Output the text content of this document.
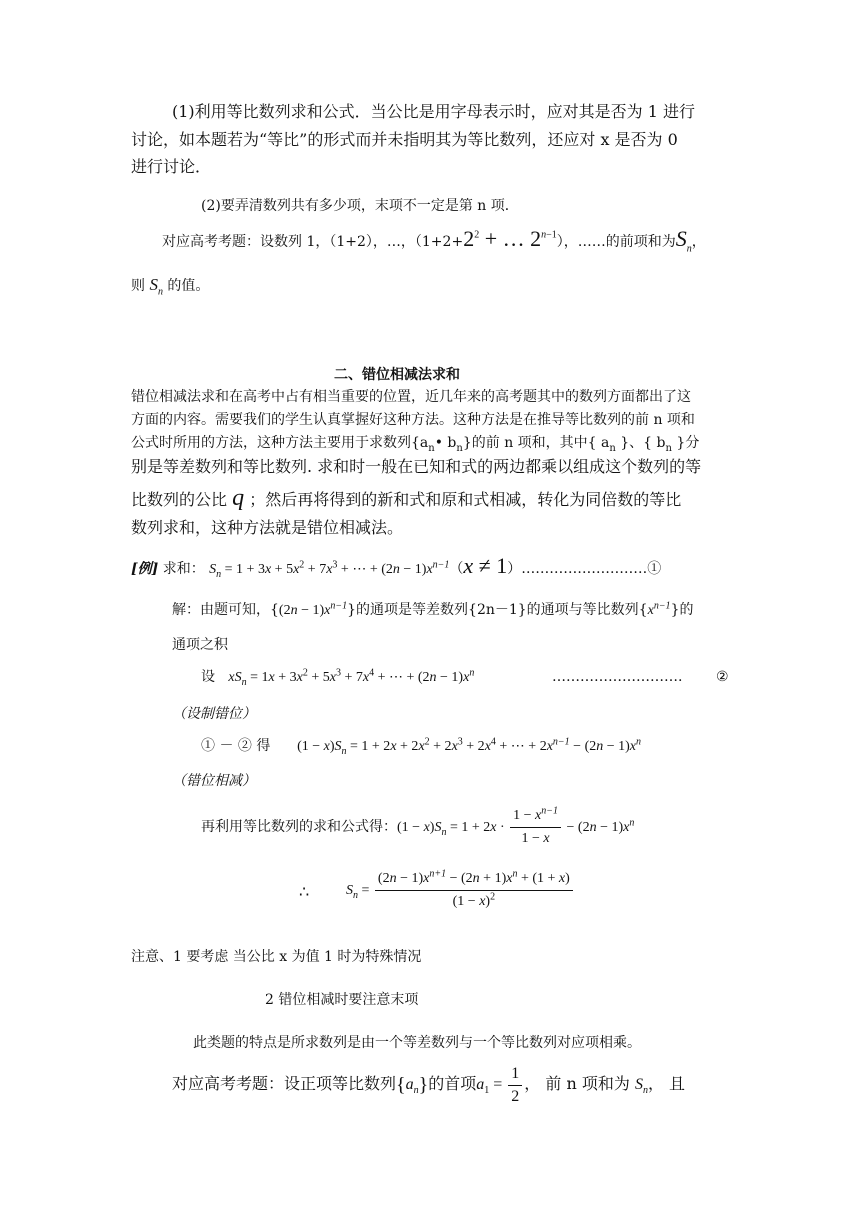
(1)利用等比数列求和公式．当公比是用字母表示时，应对其是否为 1 进行
讨论，如本题若为“等比”的形式而并未指明其为等比数列，还应对 x 是否为 0
进行讨论．
(2)要弄清数列共有多少项，末项不一定是第 n 项．
对应高考考题：设数列 1，（1+2），…，（$1+2+2^2$ + … $2^{n-1}$），……的前项和为$S_n$，
则 $S_n$ 的值。
二、错位相减法求和
错位相减法求和在高考中占有相当重要的位置，近几年来的高考题其中的数列方面都出了这
方面的内容。需要我们的学生认真掌握好这种方法。这种方法是在推导等比数列的前 n 项和
公式时所用的方法，这种方法主要用于求数列{$a_n•$ $b_n$}的前 n 项和，其中{ $a_n$ }、{ $b_n$ }分
别是等差数列和等比数列. 求和时一般在已知和式的两边都乘以组成这个数列的等
比数列的公比 q ；然后再将得到的新和式和原和式相减，转化为同倍数的等比
数列求和，这种方法就是错位相减法。
[例] 求和： $S_n = 1 + 3x + 5x^2 + 7x^3$ + ⋯ + $(2n - 1)x^{n-1}(x$ ≠ 1）………………………①
解：由题可知，$\{(2n - 1)x^{n-1}\}$的通项是等差数列{2n－1}的通项与等比数列$\{x^{n-1}\}$的
通项之积
设 $xS_n = 1x + 3x^2 + 5x^3 + 7x^4$ + ⋯ + $(2n - 1)x^n$	………………………. ②
（设制错位）
① － ② 得 $(1 - x)S_n = 1 + 2x + 2x^2 + 2x^3 + 2x^4$ + ⋯ + $2x^{n-1} - (2n - 1)x^n$
（错位相减）
再利用等比数列的求和公式得：$(1 - x)S_n = 1 + 2x \cdot \frac{1 - x^{n-1}}{1 - x} - (2n - 1)x^n$
∴	$S_n = \frac{(2n - 1)x^{n+1} - (2n + 1)x^n + (1 + x)}{(1 - x)^2}$
注意、1 要考虑 当公比 x 为值 1 时为特殊情况
2 错位相减时要注意末项
此类题的特点是所求数列是由一个等差数列与一个等比数列对应项相乘。
对应高考考题：设正项等比数列$\{a_n\}$的首项$a_1 = \frac{1}{2}$ ， 前 n 项和为 $S_n$， 且
